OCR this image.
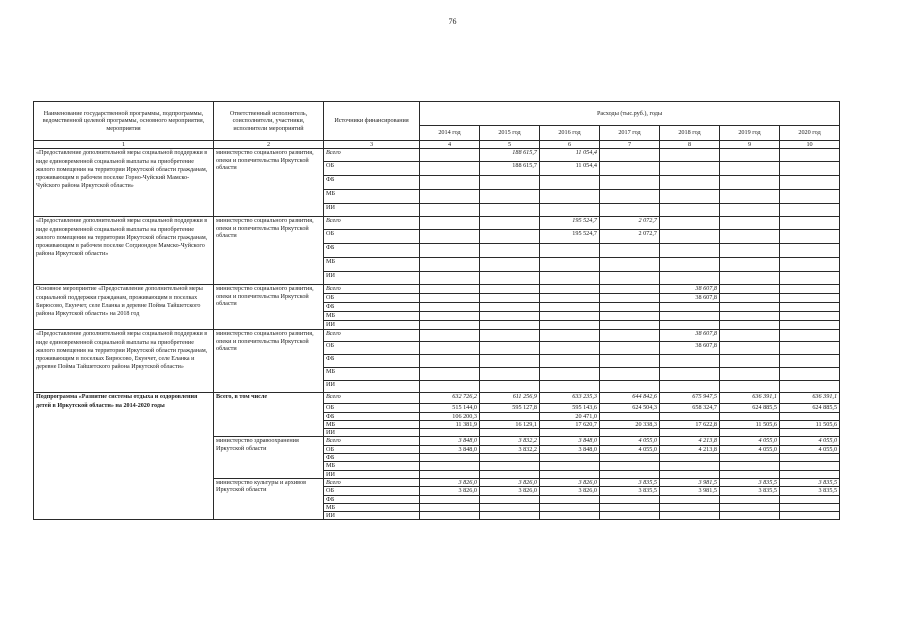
76
Наименование государственной программы, подпрограммы, ведомственной целевой программы, основного мероприятия, мероприятия	Ответственный исполнитель, соисполнители, участники, исполнители мероприятий	Источники финансирования	Расходы (тыс.руб.), годы						
			2014 год	2015 год	2016 год	2017 год	2018 год	2019 год	2020 год
1	2	3	4	5	6	7	8	9	10
«Предоставление дополнительной меры социальной поддержки в виде единовременной социальной выплаты на приобретение жилого помещения на территории Иркутской области гражданам, проживающим в рабочем поселке Горно-Чуйский Мамско-Чуйского района Иркутской области»	министерство социального развития, опеки и попечительства Иркутской области	Всего		188 615,7	11 054,4				
		ОБ		188 615,7	11 054,4				
		ФБ							
		МБ							
		ИИ							
«Предоставление дополнительной меры социальной поддержки в виде единовременной социальной выплаты на приобретение жилого помещения на территории Иркутской области гражданам, проживающим в рабочем поселке Согдиондон Мамско-Чуйского района Иркутской области»	министерство социального развития, опеки и попечительства Иркутской области	Всего			195 524,7	2 072,7			
		ОБ			195 524,7	2 072,7			
		ФБ							
		МБ							
		ИИ							
Основное мероприятие «Предоставление дополнительной меры социальной поддержки гражданам, проживающим в поселках Бирюсово, Екунчет, селе Еланка и деревне Пойма Тайшетского района Иркутской области» на 2018 год	министерство социального развития, опеки и попечительства Иркутской области	Всего					38 607,8		
		ОБ					38 607,8		
		ФБ							
		МБ							
		ИИ							
«Предоставление дополнительной меры социальной поддержки в виде единовременной социальной выплаты на приобретение жилого помещения на территории Иркутской области гражданам, проживающим в поселках Бирюсово, Екунчет, селе Еланка и деревне Пойма Тайшетского района Иркутской области»	министерство социального развития, опеки и попечительства Иркутской области	Всего					38 607,8		
		ОБ					38 607,8		
		ФБ							
		МБ							
		ИИ							
Подпрограмма «Развитие системы отдыха и оздоровления детей в Иркутской области» на 2014-2020 годы	Всего, в том числе	Всего	632 726,2	611 256,9	633 235,3	644 842,6	675 947,5	636 391,1	636 391,1
		ОБ	515 144,0	595 127,8	595 143,6	624 504,3	658 324,7	624 885,5	624 885,5
		ФБ	106 200,3		20 471,0				
		МБ	11 381,9	16 129,1	17 620,7	20 338,3	17 622,8	11 505,6	11 505,6
		ИИ							
	министерство здравоохранения Иркутской области	Всего	3 848,0	3 832,2	3 848,0	4 055,0	4 213,8	4 055,0	4 055,0
		ОБ	3 848,0	3 832,2	3 848,0	4 055,0	4 213,8	4 055,0	4 055,0
		ФБ							
		МБ							
		ИИ							
	министерство культуры и архивов Иркутской области	Всего	3 826,0	3 826,0	3 826,0	3 835,5	3 981,5	3 835,5	3 835,5
		ОБ	3 826,0	3 826,0	3 826,0	3 835,5	3 981,5	3 835,5	3 835,5
		ФБ							
		МБ							
		ИИ							
